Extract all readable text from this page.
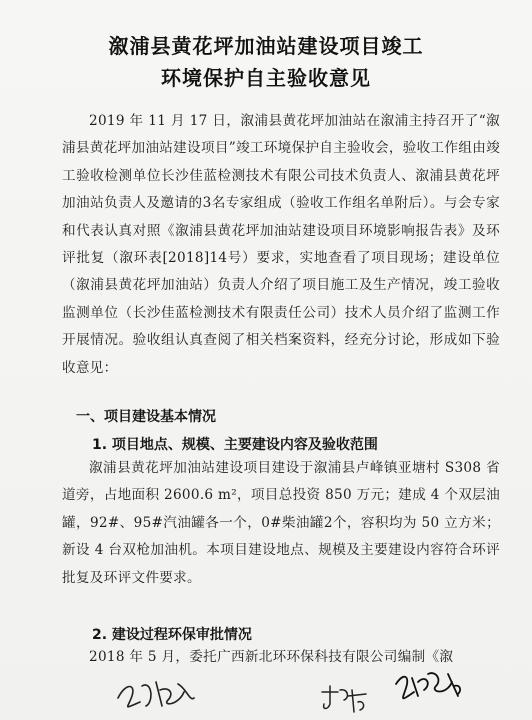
溆浦县黄花坪加油站建设项目竣工
环境保护自主验收意见
2019 年 11 月 17 日，溆浦县黄花坪加油站在溆浦主持召开了“溆浦县黄花坪加油站建设项目”竣工环境保护自主验收会，验收工作组由竣工验收检测单位长沙佳蓝检测技术有限公司技术负责人、溆浦县黄花坪加油站负责人及邀请的3名专家组成（验收工作组名单附后）。与会专家和代表认真对照《溆浦县黄花坪加油站建设项目环境影响报告表》及环评批复（溆环表[2018]14号）要求，实地查看了项目现场；建设单位（溆浦县黄花坪加油站）负责人介绍了项目施工及生产情况，竣工验收监测单位（长沙佳蓝检测技术有限责任公司）技术人员介绍了监测工作开展情况。验收组认真查阅了相关档案资料，经充分讨论，形成如下验收意见：
一、项目建设基本情况
1. 项目地点、规模、主要建设内容及验收范围
溆浦县黄花坪加油站建设项目建设于溆浦县卢峰镇亚塘村 S308 省道旁，占地面积 2600.6 m²，项目总投资 850 万元；建成 4 个双层油罐，92#、95#汽油罐各一个，0#柴油罐2个，容积均为 50 立方米；新设 4 台双枪加油机。本项目建设地点、规模及主要建设内容符合环评批复及环评文件要求。
2. 建设过程环保审批情况
2018 年 5 月，委托广西新北环环保科技有限公司编制《溆
